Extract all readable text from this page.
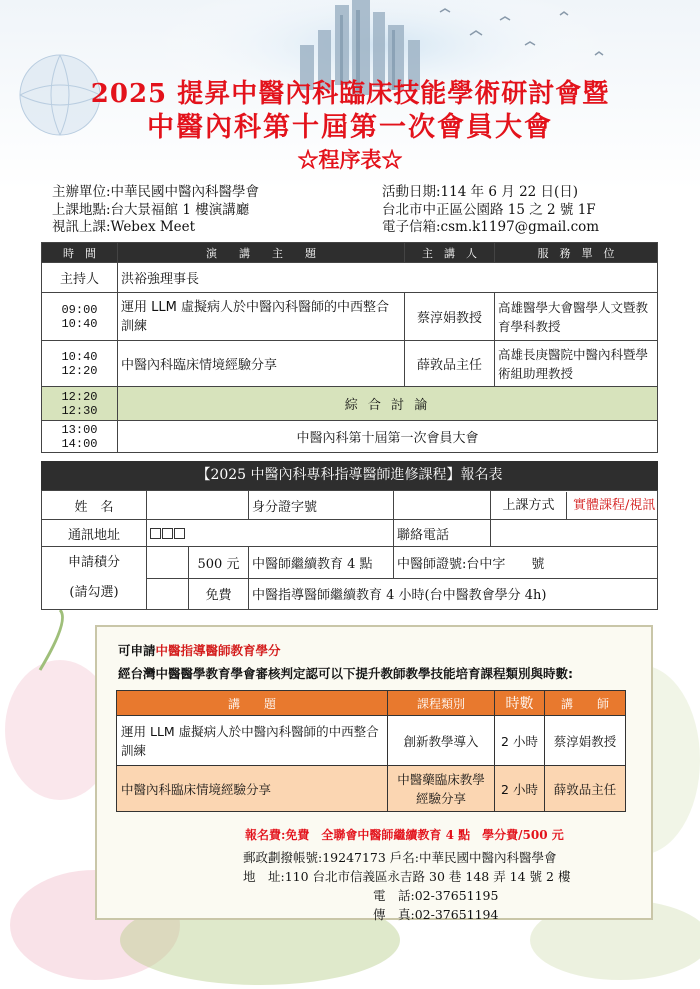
2025 提昇中醫內科臨床技能學術研討會暨
中醫內科第十屆第一次會員大會
☆程序表☆
主辦單位:中華民國中醫內科醫學會
上課地點:台大景福館 1 樓演講廳
視訊上課:Webex Meet
活動日期:114 年 6 月 22 日(日)
台北市中正區公園路 15 之 2 號 1F
電子信箱:csm.k1197@gmail.com
時　間	演　　講　　主　　題	主　講　人	服　務　單　位
主持人	洪裕強理事長		
09:00
10:40	運用 LLM 虛擬病人於中醫內科醫師的中西整合訓練	蔡淳娟教授	高雄醫學大會醫學人文暨教育學科教授
10:40
12:20	中醫內科臨床情境經驗分享	薛敦品主任	高雄長庚醫院中醫內科暨學術組助理教授
12:20
12:30	綜 合 討 論		
13:00
14:00	中醫內科第十屆第一次會員大會		
【2025 中醫內科專科指導醫師進修課程】報名表
姓　名			身分證字號		上課方式 實體課程/視訊
通訊地址				聯絡電話	

申請積分
(請勾選)		500 元	中醫師繼續教育 4 點	中醫師證號:台中字　　號	
		免費	中醫指導醫師繼續教育 4 小時(台中醫教會學分 4h)		
可申請中醫指導醫師教育學分
經台灣中醫醫學教育學會審核判定認可以下提升教師教學技能培育課程類別與時數:
講　　題	課程類別	時數	講　　師
運用 LLM 虛擬病人於中醫內科醫師的中西整合訓練	創新教學導入	2 小時	蔡淳娟教授
中醫內科臨床情境經驗分享	中醫藥臨床教學經驗分享	2 小時	薛敦品主任
報名費:免費　全聯會中醫師繼續教育 4 點　學分費/500 元
郵政劃撥帳號:19247173 戶名:中華民國中醫內科醫學會
地　址:110 台北市信義區永吉路 30 巷 148 弄 14 號 2 樓
電　話:02-37651195
傳　真:02-37651194
